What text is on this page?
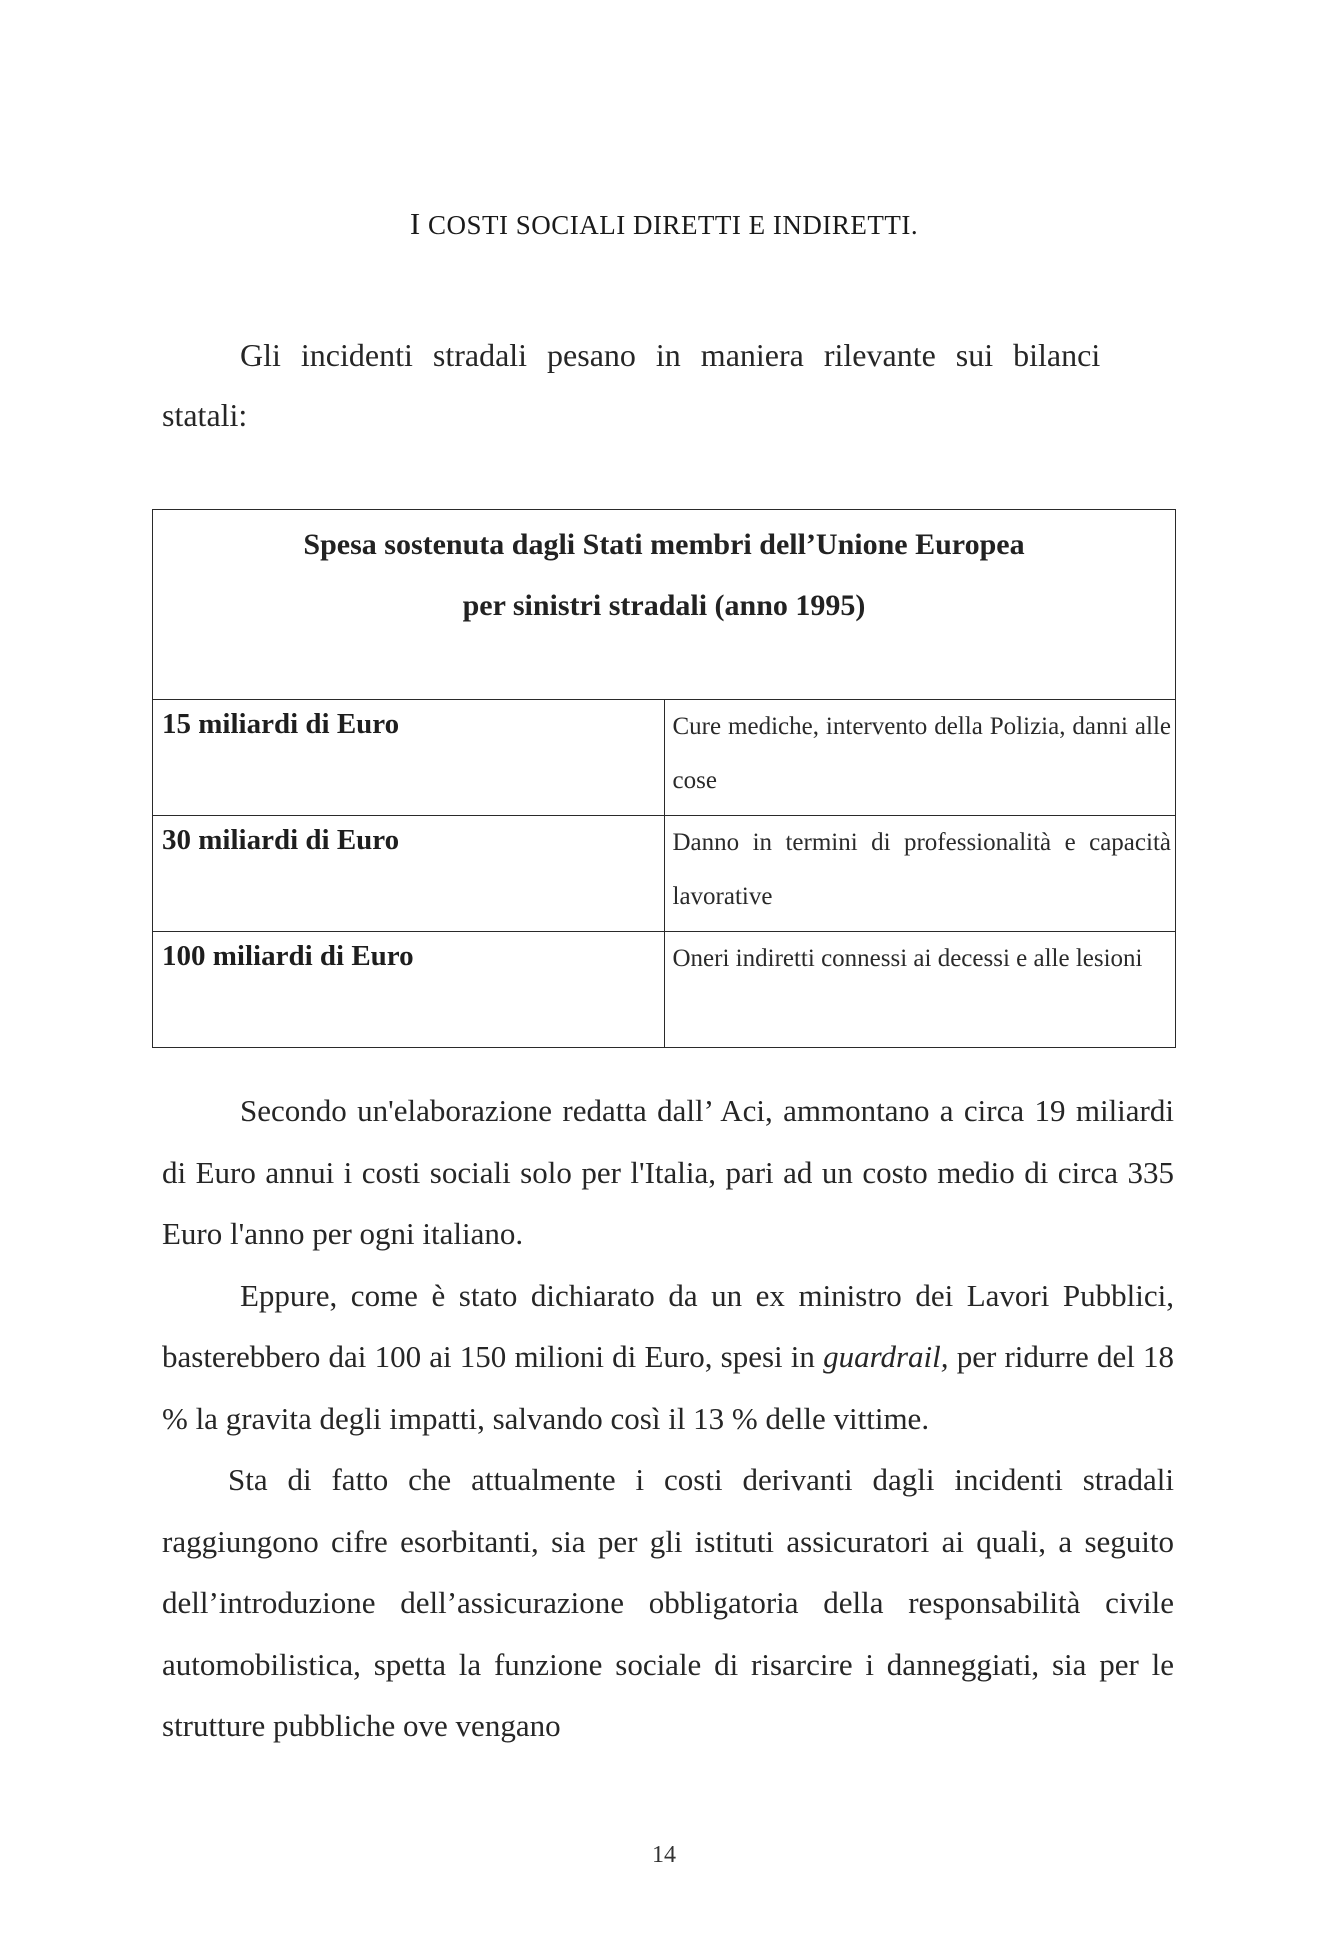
I COSTI SOCIALI DIRETTI E INDIRETTI.
Gli incidenti stradali pesano in maniera rilevante sui bilanci
statali:
Spesa sostenuta dagli Stati membri dell’Unione Europea
per sinistri stradali (anno 1995)	
15 miliardi di Euro	Cure mediche, intervento della Polizia, danni alle cose
30 miliardi di Euro	Danno in termini di professionalità e capacità lavorative
100 miliardi di Euro	Oneri indiretti connessi ai decessi e alle lesioni

Secondo un'elaborazione redatta dall’ Aci, ammontano a circa 19 miliardi di Euro annui i costi sociali solo per l'Italia, pari ad un costo medio di circa 335 Euro l'anno per ogni italiano.

Eppure, come è stato dichiarato da un ex ministro dei Lavori Pubblici, basterebbero dai 100 ai 150 milioni di Euro, spesi in guardrail, per ridurre del 18 % la gravita degli impatti, salvando così il 13 % delle vittime.

Sta di fatto che attualmente i costi derivanti dagli incidenti stradali raggiungono cifre esorbitanti, sia per gli istituti assicuratori ai quali, a seguito dell’introduzione dell’assicurazione obbligatoria della responsabilità civile automobilistica, spetta la funzione sociale di risarcire i danneggiati, sia per le strutture pubbliche ove vengano

14
